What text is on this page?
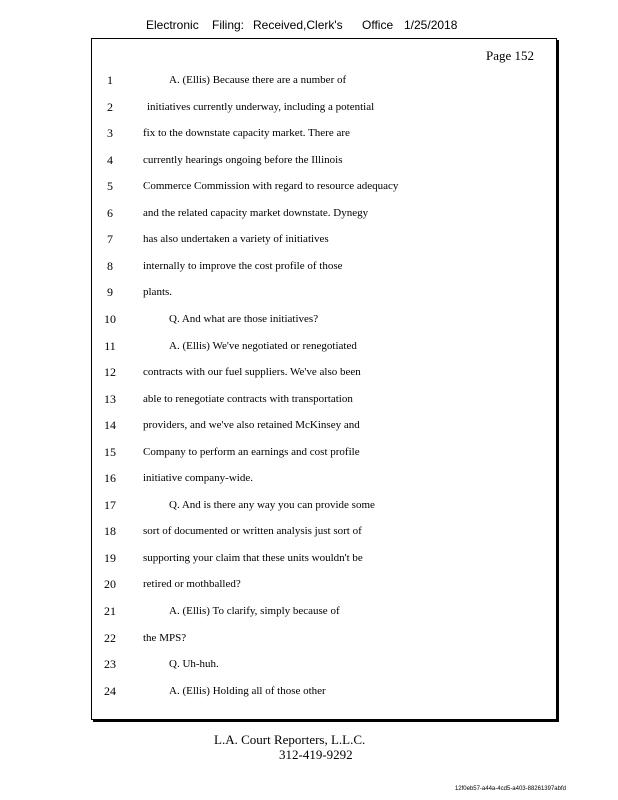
Electronic Filing: Received,Clerk's Office 1/25/2018
Page 152
1	A. (Ellis) Because there are a number of
2	initiatives currently underway, including a potential
3	fix to the downstate capacity market. There are
4	currently hearings ongoing before the Illinois
5	Commerce Commission with regard to resource adequacy
6	and the related capacity market downstate. Dynegy
7	has also undertaken a variety of initiatives
8	internally to improve the cost profile of those
9	plants.
10	Q. And what are those initiatives?
11	A. (Ellis) We've negotiated or renegotiated
12	contracts with our fuel suppliers. We've also been
13	able to renegotiate contracts with transportation
14	providers, and we've also retained McKinsey and
15	Company to perform an earnings and cost profile
16	initiative company-wide.
17	Q. And is there any way you can provide some
18	sort of documented or written analysis just sort of
19	supporting your claim that these units wouldn't be
20	retired or mothballed?
21	A. (Ellis) To clarify, simply because of
22	the MPS?
23	Q. Uh-huh.
24	A. (Ellis) Holding all of those other
L.A. Court Reporters, L.L.C.
312-419-9292
12f0eb57-a44a-4cd5-a403-88261397abfd
